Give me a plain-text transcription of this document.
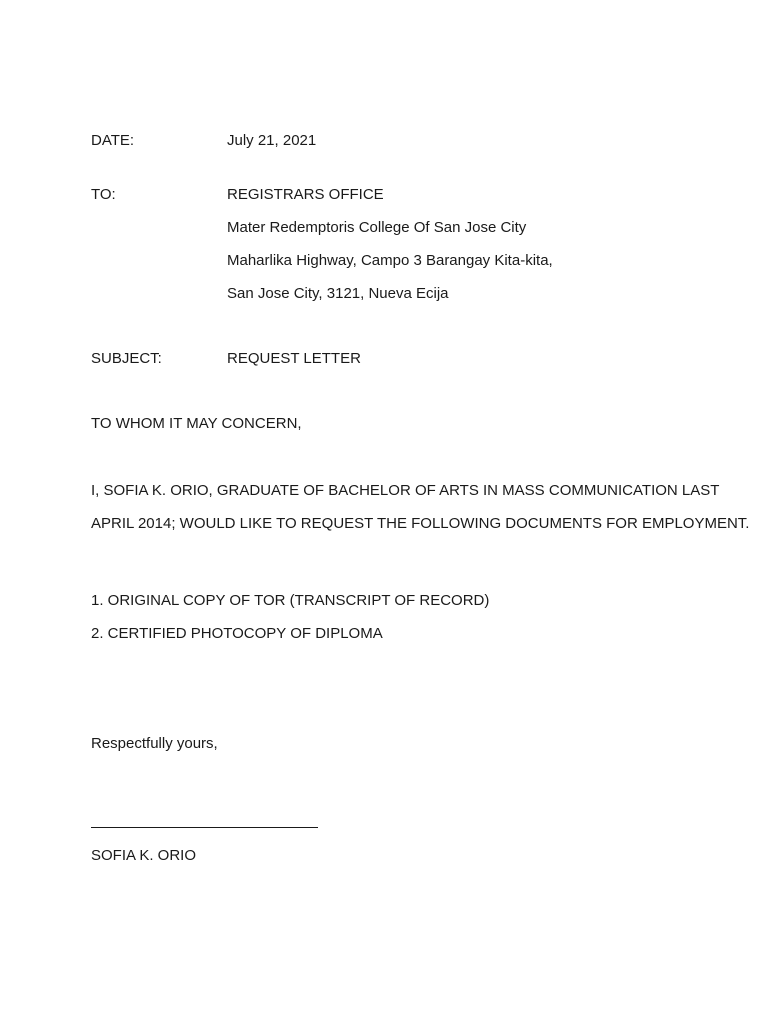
DATE:	July 21, 2021
TO:	REGISTRARS OFFICE
Mater Redemptoris College Of San Jose City
Maharlika Highway, Campo 3 Barangay Kita-kita,
San Jose City, 3121, Nueva Ecija
SUBJECT:	REQUEST LETTER
TO WHOM IT MAY CONCERN,
I, SOFIA K. ORIO, GRADUATE OF BACHELOR OF ARTS IN MASS COMMUNICATION LAST
APRIL 2014; WOULD LIKE TO REQUEST THE FOLLOWING DOCUMENTS FOR EMPLOYMENT.
1. ORIGINAL COPY OF TOR (TRANSCRIPT OF RECORD)
2. CERTIFIED PHOTOCOPY OF DIPLOMA
Respectfully yours,
SOFIA K. ORIO
